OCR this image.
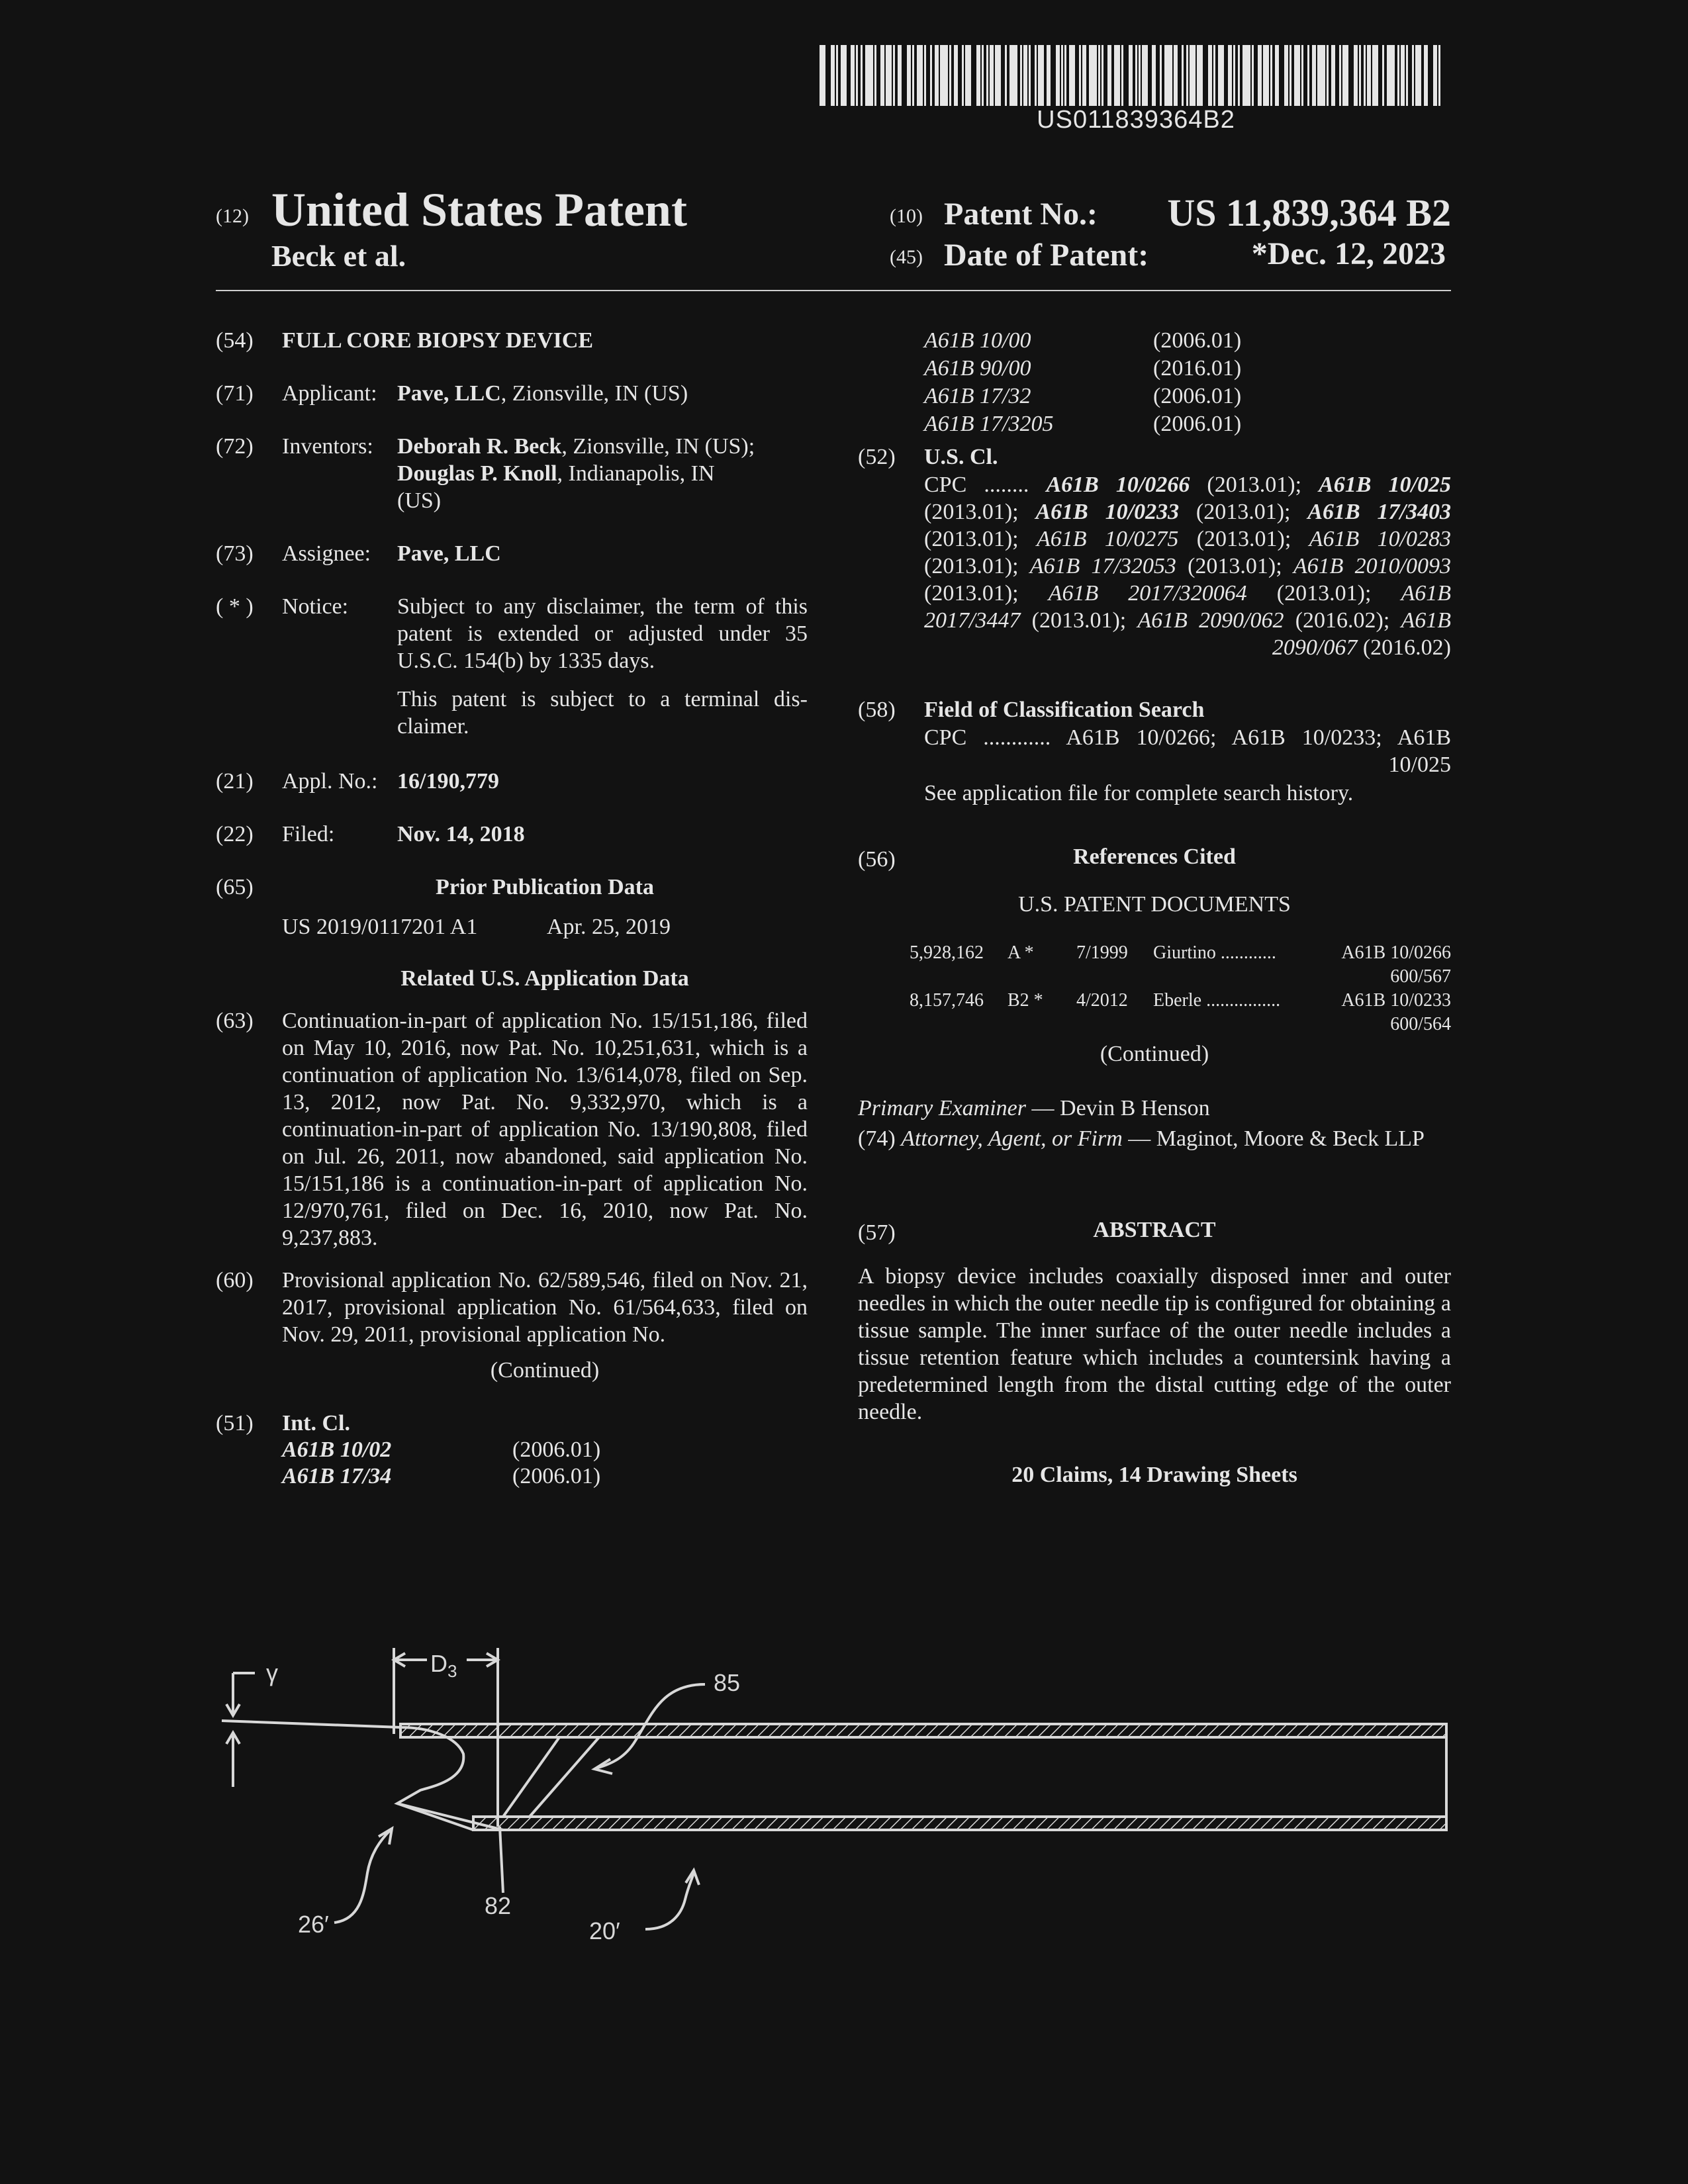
US011839364B2
(12) United States Patent
Beck et al.
(10) Patent No.:	US 11,839,364 B2
(45) Date of Patent:	*Dec. 12, 2023
(54)	FULL CORE BIOPSY DEVICE
(71)	Applicant: Pave, LLC, Zionsville, IN (US)
(72)	Inventors: Deborah R. Beck, Zionsville, IN (US);
Douglas P. Knoll, Indianapolis, IN
(US)
(73)	Assignee: Pave, LLC
( * )	Notice: Subject to any disclaimer, the term of this patent is extended or adjusted under 35 U.S.C. 154(b) by 1335 days.
This patent is subject to a terminal dis-claimer.
(21)	Appl. No.: 16/190,779
(22)	Filed:	Nov. 14, 2018
(65)	Prior Publication Data
US 2019/0117201 A1	Apr. 25, 2019
Related U.S. Application Data
(63)	Continuation-in-part of application No. 15/151,186, filed on May 10, 2016, now Pat. No. 10,251,631, which is a continuation of application No. 13/614,078, filed on Sep. 13, 2012, now Pat. No. 9,332,970, which is a continuation-in-part of application No. 13/190,808, filed on Jul. 26, 2011, now abandoned, said application No. 15/151,186 is a continuation-in-part of application No. 12/970,761, filed on Dec. 16, 2010, now Pat. No. 9,237,883.
(60)	Provisional application No. 62/589,546, filed on Nov. 21, 2017, provisional application No. 61/564,633, filed on Nov. 29, 2011, provisional application No.
(Continued)
(51)	Int. Cl.
A61B 10/02	(2006.01)
A61B 17/34	(2006.01)
A61B 10/00	(2006.01)
A61B 90/00	(2016.01)
A61B 17/32	(2006.01)
A61B 17/3205	(2006.01)
(52)	U.S. Cl.
CPC ........ A61B 10/0266 (2013.01); A61B 10/025 (2013.01); A61B 10/0233 (2013.01); A61B 17/3403 (2013.01); A61B 10/0275 (2013.01); A61B 10/0283 (2013.01); A61B 17/32053 (2013.01); A61B 2010/0093 (2013.01); A61B 2017/320064 (2013.01); A61B 2017/3447 (2013.01); A61B 2090/062 (2016.02); A61B 2090/067 (2016.02)
(58)	Field of Classification Search
CPC ............ A61B 10/0266; A61B 10/0233; A61B 10/025
See application file for complete search history.
(56)	References Cited
U.S. PATENT DOCUMENTS
5,928,162 A * 7/1999 Giurtino ............	A61B 10/0266
600/567
8,157,746 B2 * 4/2012 Eberle ................	A61B 10/0233
600/564
(Continued)
Primary Examiner — Devin B Henson
(74) Attorney, Agent, or Firm — Maginot, Moore & Beck LLP
(57)	ABSTRACT
A biopsy device includes coaxially disposed inner and outer needles in which the outer needle tip is configured for obtaining a tissue sample. The inner surface of the outer needle includes a tissue retention feature which includes a countersink having a predetermined length from the distal cutting edge of the outer needle.
20 Claims, 14 Drawing Sheets
γ	$D_3$	85
82
26′	20′
